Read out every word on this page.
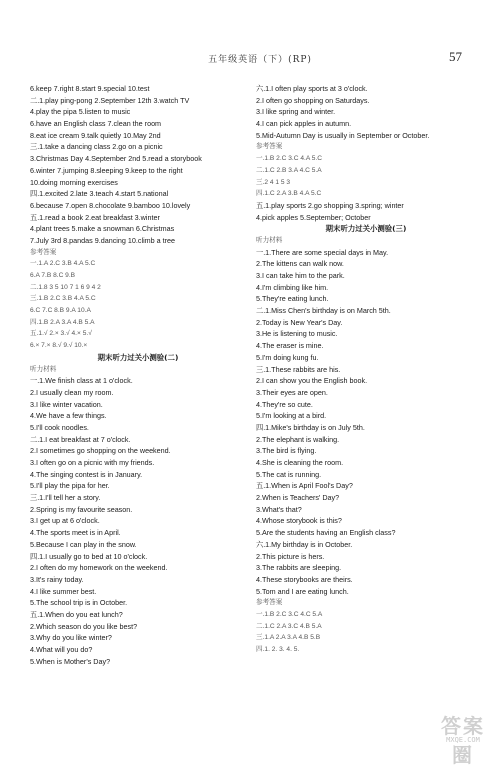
五年级英语（下）(RP)	57
6.keep 7.right 8.start 9.special 10.test
二.1.play ping-pong 2.September 12th 3.watch TV
4.play the pipa 5.listen to music
6.have an English class 7.clean the room
8.eat ice cream 9.talk quietly 10.May 2nd
三.1.take a dancing class 2.go on a picnic
3.Christmas Day 4.September 2nd 5.read a storybook
6.winter 7.jumping 8.sleeping 9.keep to the right
10.doing morning exercises
四.1.excited 2.late 3.teach 4.start 5.national
6.because 7.open 8.chocolate 9.bamboo 10.lovely
五.1.read a book 2.eat breakfast 3.winter
4.plant trees 5.make a snowman 6.Christmas
7.July 3rd 8.pandas 9.dancing 10.climb a tree
参考答案
一.1.A 2.C 3.B 4.A 5.C
6.A 7.B 8.C 9.B
二.1.8 3 5 10 7 1 6 9 4 2
三.1.B 2.C 3.B 4.A 5.C
6.C 7.C 8.B 9.A 10.A
四.1.B 2.A 3.A 4.B 5.A
五.1.√ 2.× 3.√ 4.× 5.√
6.× 7.× 8.√ 9.√ 10.×
期末听力过关小测验(二)
听力材料
一.1.We finish class at 1 o'clock.
2.I usually clean my room.
3.I like winter vacation.
4.We have a few things.
5.I'll cook noodles.
二.1.I eat breakfast at 7 o'clock.
2.I sometimes go shopping on the weekend.
3.I often go on a picnic with my friends.
4.The singing contest is in January.
5.I'll play the pipa for her.
三.1.I'll tell her a story.
2.Spring is my favourite season.
3.I get up at 6 o'clock.
4.The sports meet is in April.
5.Because I can play in the snow.
四.1.I usually go to bed at 10 o'clock.
2.I often do my homework on the weekend.
3.It's rainy today.
4.I like summer best.
5.The school trip is in October.
五.1.When do you eat lunch?
2.Which season do you like best?
3.Why do you like winter?
4.What will you do?
5.When is Mother's Day?
六.1.I often play sports at 3 o'clock.
2.I often go shopping on Saturdays.
3.I like spring and winter.
4.I can pick apples in autumn.
5.Mid-Autumn Day is usually in September or October.
参考答案
一.1.B 2.C 3.C 4.A 5.C
二.1.C 2.B 3.A 4.C 5.A
三.2 4 1 5 3
四.1.C 2.A 3.B 4.A 5.C
五.1.play sports 2.go shopping 3.spring; winter
4.pick apples 5.September; October
期末听力过关小测验(三)
听力材料
一.1.There are some special days in May.
2.The kittens can walk now.
3.I can take him to the park.
4.I'm climbing like him.
5.They're eating lunch.
二.1.Miss Chen's birthday is on March 5th.
2.Today is New Year's Day.
3.He is listening to music.
4.The eraser is mine.
5.I'm doing kung fu.
三.1.These rabbits are his.
2.I can show you the English book.
3.Their eyes are open.
4.They're so cute.
5.I'm looking at a bird.
四.1.Mike's birthday is on July 5th.
2.The elephant is walking.
3.The bird is flying.
4.She is cleaning the room.
5.The cat is running.
五.1.When is April Fool's Day?
2.When is Teachers' Day?
3.What's that?
4.Whose storybook is this?
5.Are the students having an English class?
六.1.My birthday is in October.
2.This picture is hers.
3.The rabbits are sleeping.
4.These storybooks are theirs.
5.Tom and I are eating lunch.
参考答案
一.1.B 2.C 3.C 4.C 5.A
二.1.C 2.A 3.C 4.B 5.A
三.1.A 2.A 3.A 4.B 5.B
四.1. 2. 3. 4. 5.
答案圈
MXQE.COM
